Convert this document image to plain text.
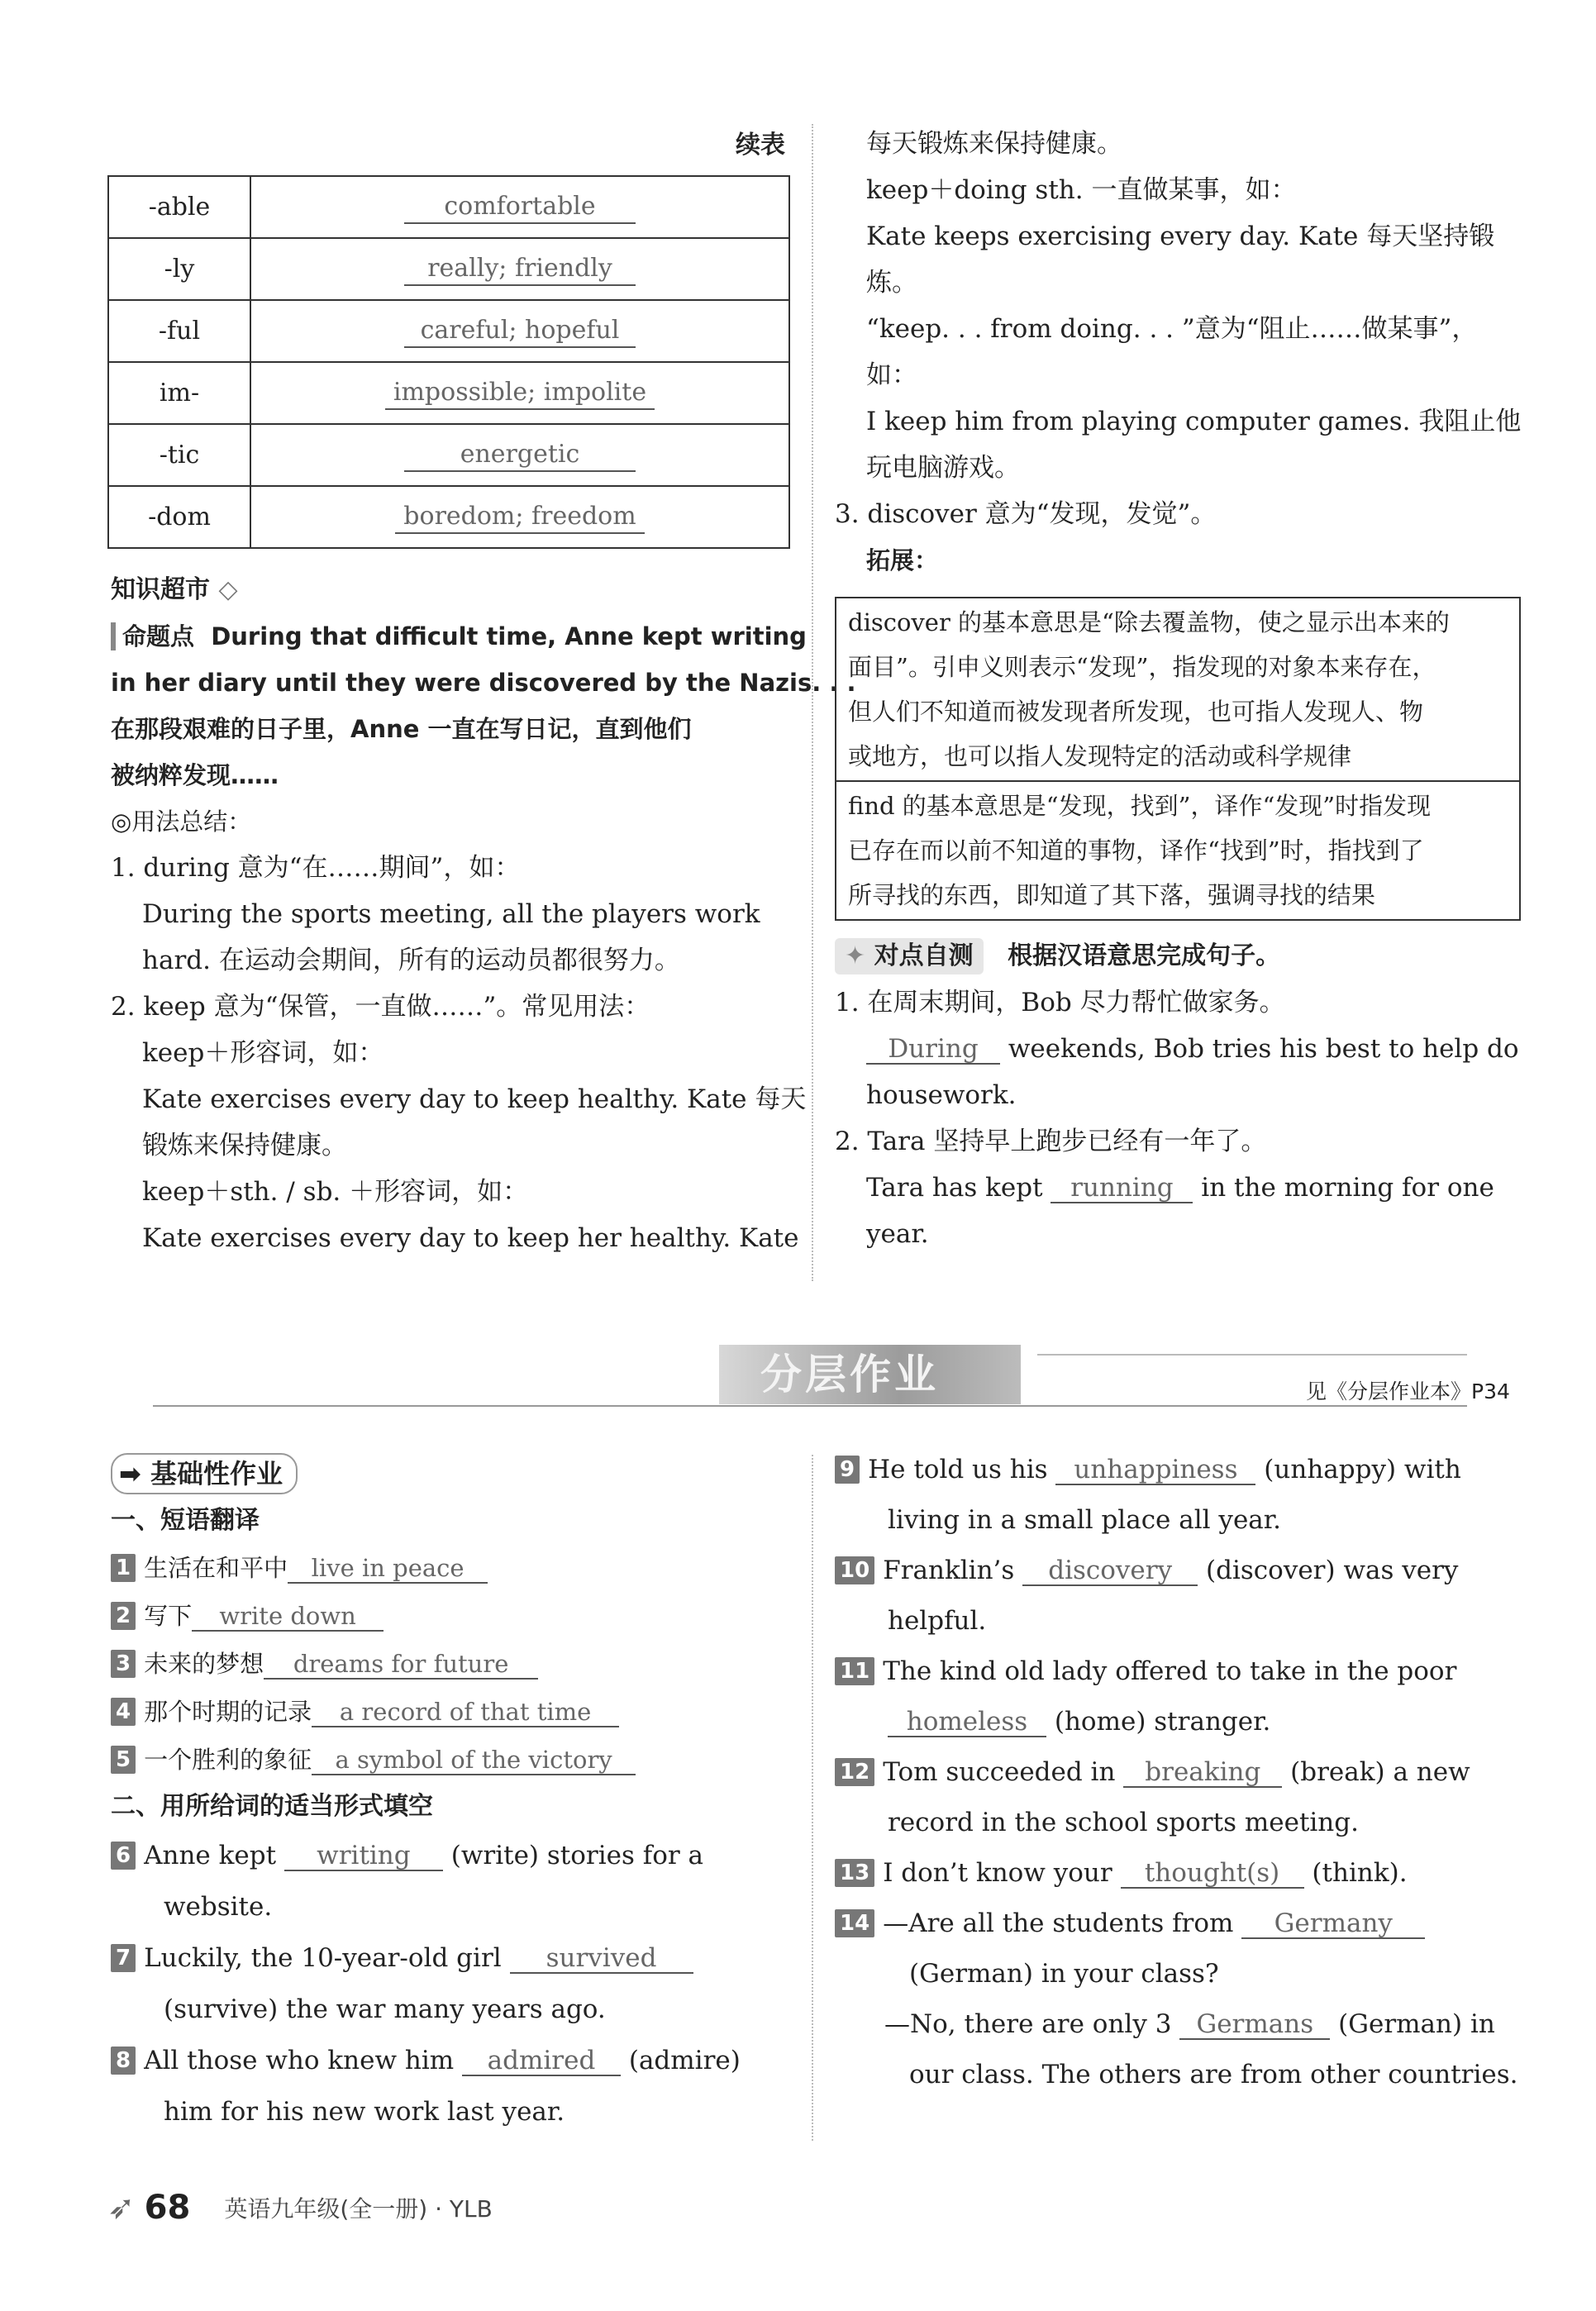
续表
-able	comfortable
-ly	really; friendly
-ful	careful; hopeful
im-	impossible; impolite
-tic	energetic
-dom	boredom; freedom
知识超市 ◇
命题点 During that difficult time, Anne kept writing
in her diary until they were discovered by the Nazis. . .
在那段艰难的日子里，Anne 一直在写日记，直到他们
被纳粹发现……
◎用法总结：
1. during 意为“在……期间”，如：
During the sports meeting, all the players work
hard. 在运动会期间，所有的运动员都很努力。
2. keep 意为“保管，一直做……”。常见用法：
keep＋形容词，如：
Kate exercises every day to keep healthy. Kate 每天
锻炼来保持健康。
keep＋sth. / sb. ＋形容词，如：
Kate exercises every day to keep her healthy. Kate
每天锻炼来保持健康。
keep＋doing sth. 一直做某事，如：
Kate keeps exercising every day. Kate 每天坚持锻
炼。
“keep. . . from doing. . . ”意为“阻止……做某事”，
如：
I keep him from playing computer games. 我阻止他
玩电脑游戏。
3. discover 意为“发现，发觉”。
拓展：
discover 的基本意思是“除去覆盖物，使之显示出本来的
面目”。引申义则表示“发现”，指发现的对象本来存在，
但人们不知道而被发现者所发现，也可指人发现人、物
或地方，也可以指人发现特定的活动或科学规律
find 的基本意思是“发现，找到”，译作“发现”时指发现
已存在而以前不知道的事物，译作“找到”时，指找到了
所寻找的东西，即知道了其下落，强调寻找的结果
✦ 对点自测 根据汉语意思完成句子。
1. 在周末期间，Bob 尽力帮忙做家务。
During weekends, Bob tries his best to help do
housework.
2. Tara 坚持早上跑步已经有一年了。
Tara has kept running in the morning for one
year.
分层作业	见《分层作业本》P34
➡ 基础性作业
一、短语翻译
1 生活在和平中 live in peace
2 写下 write down
3 未来的梦想 dreams for future
4 那个时期的记录 a record of that time
5 一个胜利的象征 a symbol of the victory
二、用所给词的适当形式填空
6 Anne kept writing (write) stories for a
website.
7 Luckily, the 10-year-old girl survived
(survive) the war many years ago.
8 All those who knew him admired (admire)
him for his new work last year.
9 He told us his unhappiness (unhappy) with
living in a small place all year.
10 Franklin’s discovery (discover) was very
helpful.
11 The kind old lady offered to take in the poor
homeless (home) stranger.
12 Tom succeeded in breaking (break) a new
record in the school sports meeting.
13 I don’t know your thought(s) (think).
14 —Are all the students from Germany
(German) in your class?
—No, there are only 3 Germans (German) in
our class. The others are from other countries.
➶ 68 英语九年级(全一册) · YLB
